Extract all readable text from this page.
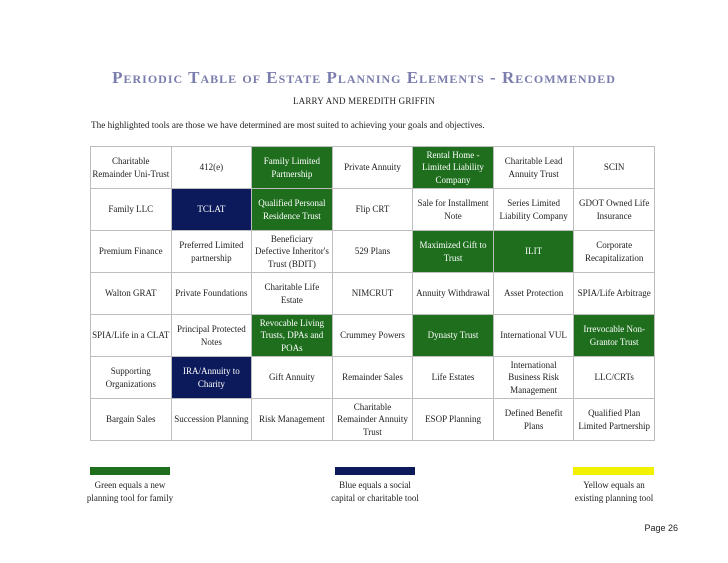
Periodic Table of Estate Planning Elements - Recommended
LARRY AND MEREDITH GRIFFIN
The highlighted tools are those we have determined are most suited to achieving your goals and objectives.
Charitable Remainder Uni-Trust	412(e)	Family Limited Partnership	Private Annuity	Rental Home - Limited Liability Company	Charitable Lead Annuity Trust	SCIN
Family LLC	TCLAT	Qualified Personal Residence Trust	Flip CRT	Sale for Installment Note	Series Limited Liability Company	GDOT Owned Life Insurance
Premium Finance	Preferred Limited partnership	Beneficiary Defective Inheritor's Trust (BDIT)	529 Plans	Maximized Gift to Trust	ILIT	Corporate Recapitalization
Walton GRAT	Private Foundations	Charitable Life Estate	NIMCRUT	Annuity Withdrawal	Asset Protection	SPIA/Life Arbitrage
SPIA/Life in a CLAT	Principal Protected Notes	Revocable Living Trusts, DPAs and POAs	Crummey Powers	Dynasty Trust	International VUL	Irrevocable Non-Grantor Trust
Supporting Organizations	IRA/Annuity to Charity	Gift Annuity	Remainder Sales	Life Estates	International Business Risk Management	LLC/CRTs
Bargain Sales	Succession Planning	Risk Management	Charitable Remainder Annuity Trust	ESOP Planning	Defined Benefit Plans	Qualified Plan Limited Partnership
Green equals a new planning tool for family
Blue equals a social capital or charitable tool
Yellow equals an existing planning tool
Page 26
